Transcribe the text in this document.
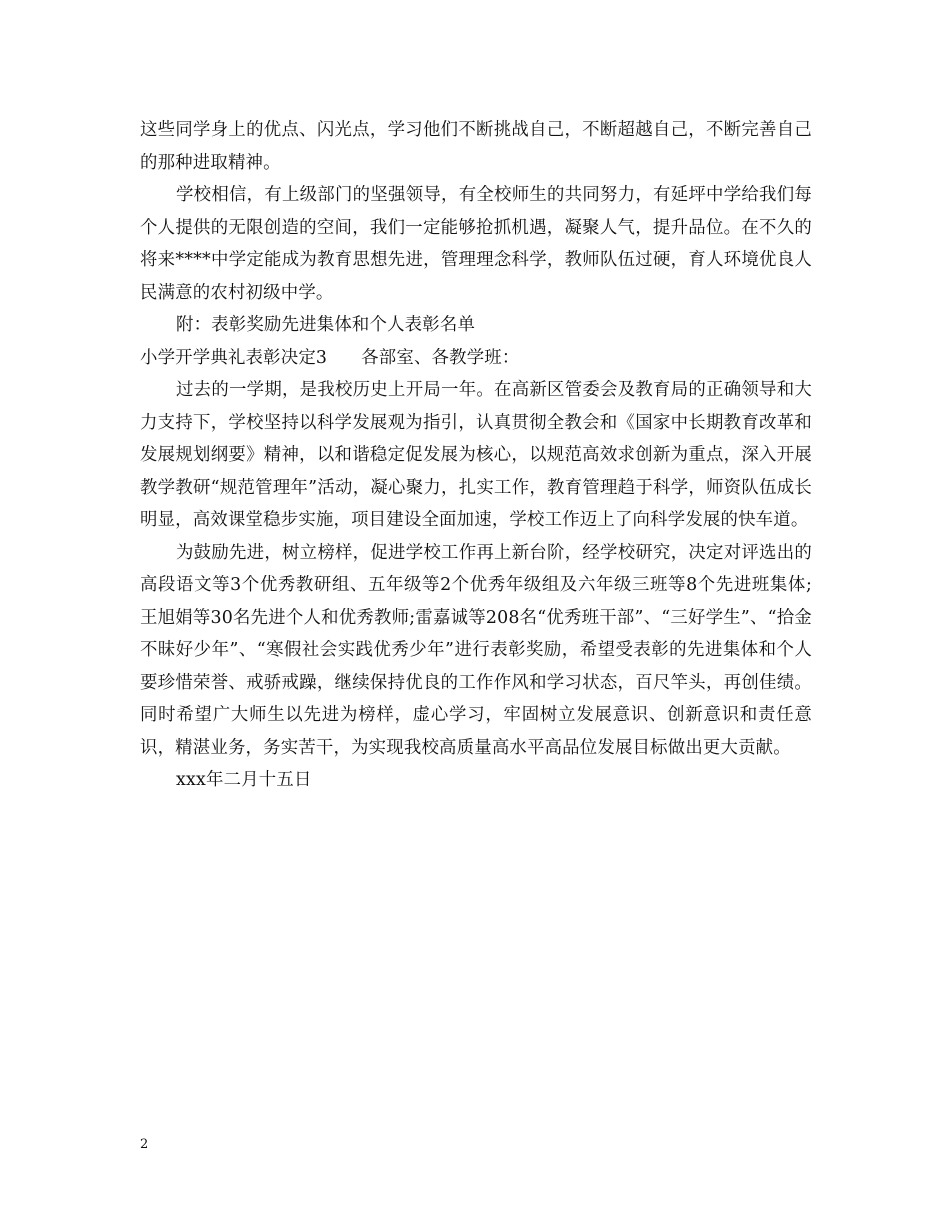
这些同学身上的优点、闪光点，学习他们不断挑战自己，不断超越自己，不断完善自己的那种进取精神。

学校相信，有上级部门的坚强领导，有全校师生的共同努力，有延坪中学给我们每个人提供的无限创造的空间，我们一定能够抢抓机遇，凝聚人气，提升品位。在不久的将来****中学定能成为教育思想先进，管理理念科学，教师队伍过硬，育人环境优良人民满意的农村初级中学。

附：表彰奖励先进集体和个人表彰名单

小学开学典礼表彰决定3 各部室、各教学班：

过去的一学期，是我校历史上开局一年。在高新区管委会及教育局的正确领导和大力支持下，学校坚持以科学发展观为指引，认真贯彻全教会和《国家中长期教育改革和发展规划纲要》精神，以和谐稳定促发展为核心，以规范高效求创新为重点，深入开展教学教研“规范管理年”活动，凝心聚力，扎实工作，教育管理趋于科学，师资队伍成长明显，高效课堂稳步实施，项目建设全面加速，学校工作迈上了向科学发展的快车道。

为鼓励先进，树立榜样，促进学校工作再上新台阶，经学校研究，决定对评选出的高段语文等3个优秀教研组、五年级等2个优秀年级组及六年级三班等8个先进班集体;王旭娟等30名先进个人和优秀教师;雷嘉诚等208名“优秀班干部”、“三好学生”、“拾金不昧好少年”、“寒假社会实践优秀少年”进行表彰奖励，希望受表彰的先进集体和个人要珍惜荣誉、戒骄戒躁，继续保持优良的工作作风和学习状态，百尺竿头，再创佳绩。同时希望广大师生以先进为榜样，虚心学习，牢固树立发展意识、创新意识和责任意识，精湛业务，务实苦干，为实现我校高质量高水平高品位发展目标做出更大贡献。

xxx年二月十五日

2
